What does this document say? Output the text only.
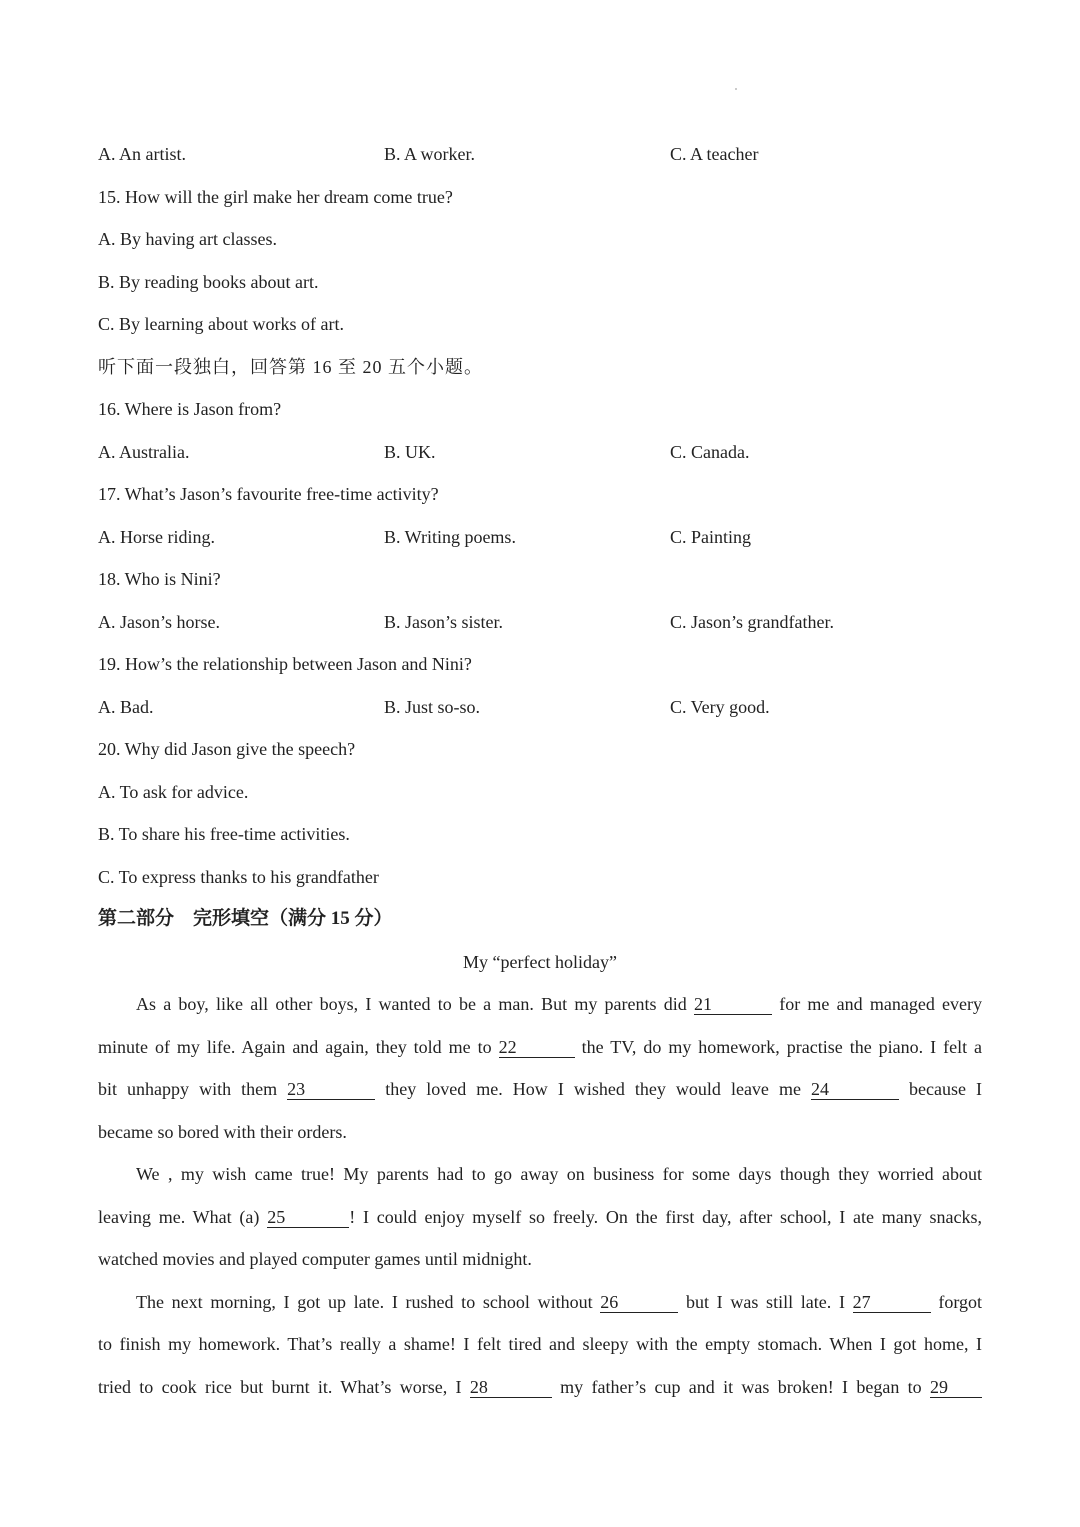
A. An artist.	B. A worker.	C. A teacher
15. How will the girl make her dream come true?
A. By having art classes.
B. By reading books about art.
C. By learning about works of art.
听下面一段独白，回答第 16 至 20 五个小题。
16. Where is Jason from?
A. Australia.	B. UK.	C. Canada.
17. What’s Jason’s favourite free-time activity?
A. Horse riding.	B. Writing poems.	C. Painting
18. Who is Nini?
A. Jason’s horse.	B. Jason’s sister.	C. Jason’s grandfather.
19. How’s the relationship between Jason and Nini?
A. Bad.	B. Just so-so.	C. Very good.
20. Why did Jason give the speech?
A. To ask for advice.
B. To share his free-time activities.
C. To express thanks to his grandfather
第二部分　完形填空（满分 15 分）
My “perfect holiday”
As a boy, like all other boys, I wanted to be a man. But my parents did 21	for me and managed every
minute of my life. Again and again, they told me to 22	the TV, do my homework, practise the piano. I felt a
bit unhappy with them 23	they loved me. How I wished they would leave me 24	because I
became so bored with their orders.
We , my wish came true! My parents had to go away on business for some days though they worried about
leaving me. What (a) 25	! I could enjoy myself so freely. On the first day, after school, I ate many snacks,
watched movies and played computer games until midnight.
The next morning, I got up late. I rushed to school without 26	but I was still late. I 27	forgot
to finish my homework. That’s really a shame! I felt tired and sleepy with the empty stomach. When I got home, I
tried to cook rice but burnt it. What’s worse, I 28	my father’s cup and it was broken! I began to 29
